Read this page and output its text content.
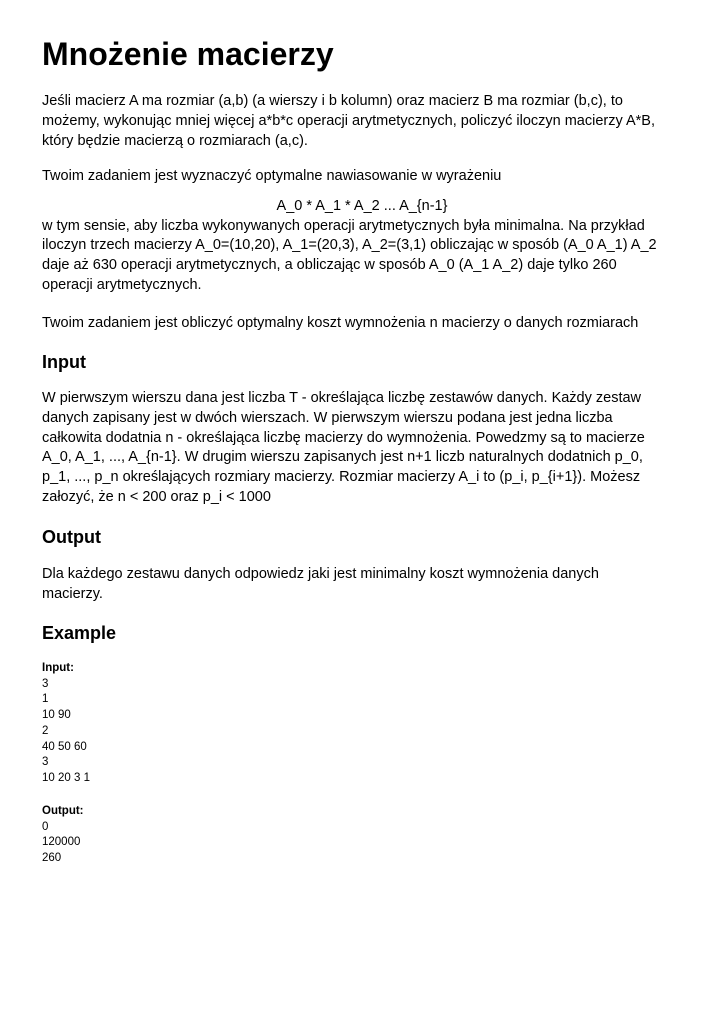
Mnożenie macierzy

Jeśli macierz A ma rozmiar (a,b) (a wierszy i b kolumn) oraz macierz B ma rozmiar (b,c), to
możemy, wykonując mniej więcej a*b*c operacji arytmetycznych, policzyć iloczyn macierzy A*B,
który będzie macierzą o rozmiarach (a,c).

Twoim zadaniem jest wyznaczyć optymalne nawiasowanie w wyrażeniu
A_0 * A_1 * A_2 ... A_{n-1}
w tym sensie, aby liczba wykonywanych operacji arytmetycznych była minimalna. Na przykład
iloczyn trzech macierzy A_0=(10,20), A_1=(20,3), A_2=(3,1) obliczając w sposób (A_0 A_1) A_2
daje aż 630 operacji arytmetycznych, a obliczając w sposób A_0 (A_1 A_2) daje tylko 260
operacji arytmetycznych.

Twoim zadaniem jest obliczyć optymalny koszt wymnożenia n macierzy o danych rozmiarach

Input

W pierwszym wierszu dana jest liczba T - określająca liczbę zestawów danych. Każdy zestaw
danych zapisany jest w dwóch wierszach. W pierwszym wierszu podana jest jedna liczba
całkowita dodatnia n - określająca liczbę macierzy do wymnożenia. Powedzmy są to macierze
A_0, A_1, ..., A_{n-1}. W drugim wierszu zapisanych jest n+1 liczb naturalnych dodatnich p_0,
p_1, ..., p_n określających rozmiary macierzy. Rozmiar macierzy A_i to (p_i, p_{i+1}). Możesz
załozyć, że n < 200 oraz p_i < 1000

Output

Dla każdego zestawu danych odpowiedz jaki jest minimalny koszt wymnożenia danych
macierzy.

Example
Input:
3
1
10 90
2
40 50 60
3
10 20 3 1
Output:
0
120000
260
